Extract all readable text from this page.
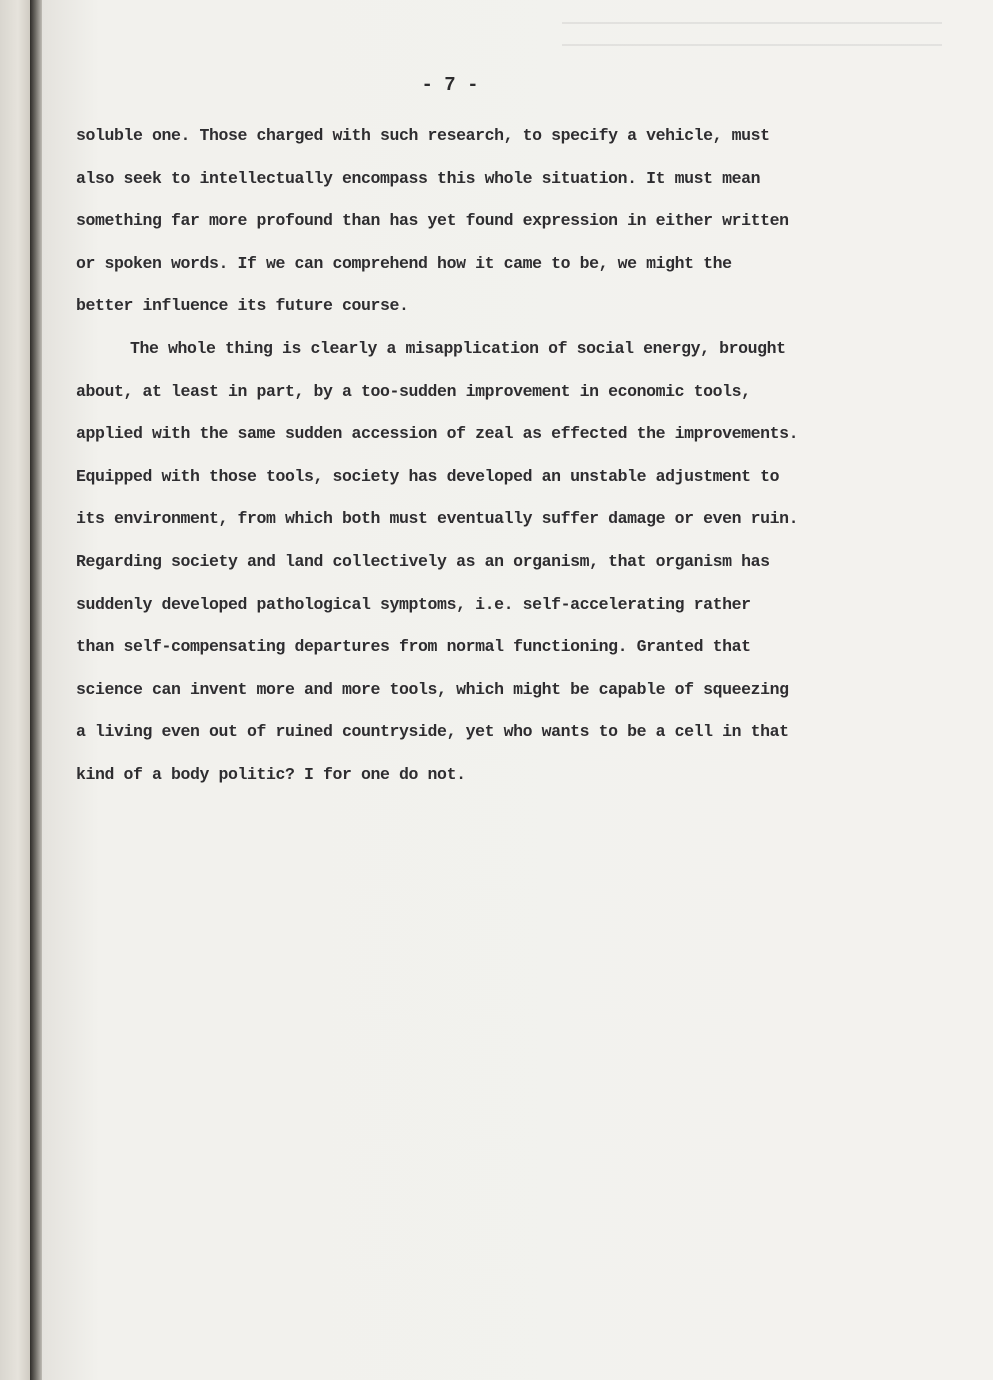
- 7 -

soluble one. Those charged with such research, to specify a vehicle, must
also seek to intellectually encompass this whole situation. It must mean
something far more profound than has yet found expression in either written
or spoken words. If we can comprehend how it came to be, we might the
better influence its future course.

The whole thing is clearly a misapplication of social energy, brought
about, at least in part, by a too-sudden improvement in economic tools,
applied with the same sudden accession of zeal as effected the improvements.
Equipped with those tools, society has developed an unstable adjustment to
its environment, from which both must eventually suffer damage or even ruin.
Regarding society and land collectively as an organism, that organism has
suddenly developed pathological symptoms, i.e. self-accelerating rather
than self-compensating departures from normal functioning. Granted that
science can invent more and more tools, which might be capable of squeezing
a living even out of ruined countryside, yet who wants to be a cell in that
kind of a body politic? I for one do not.
